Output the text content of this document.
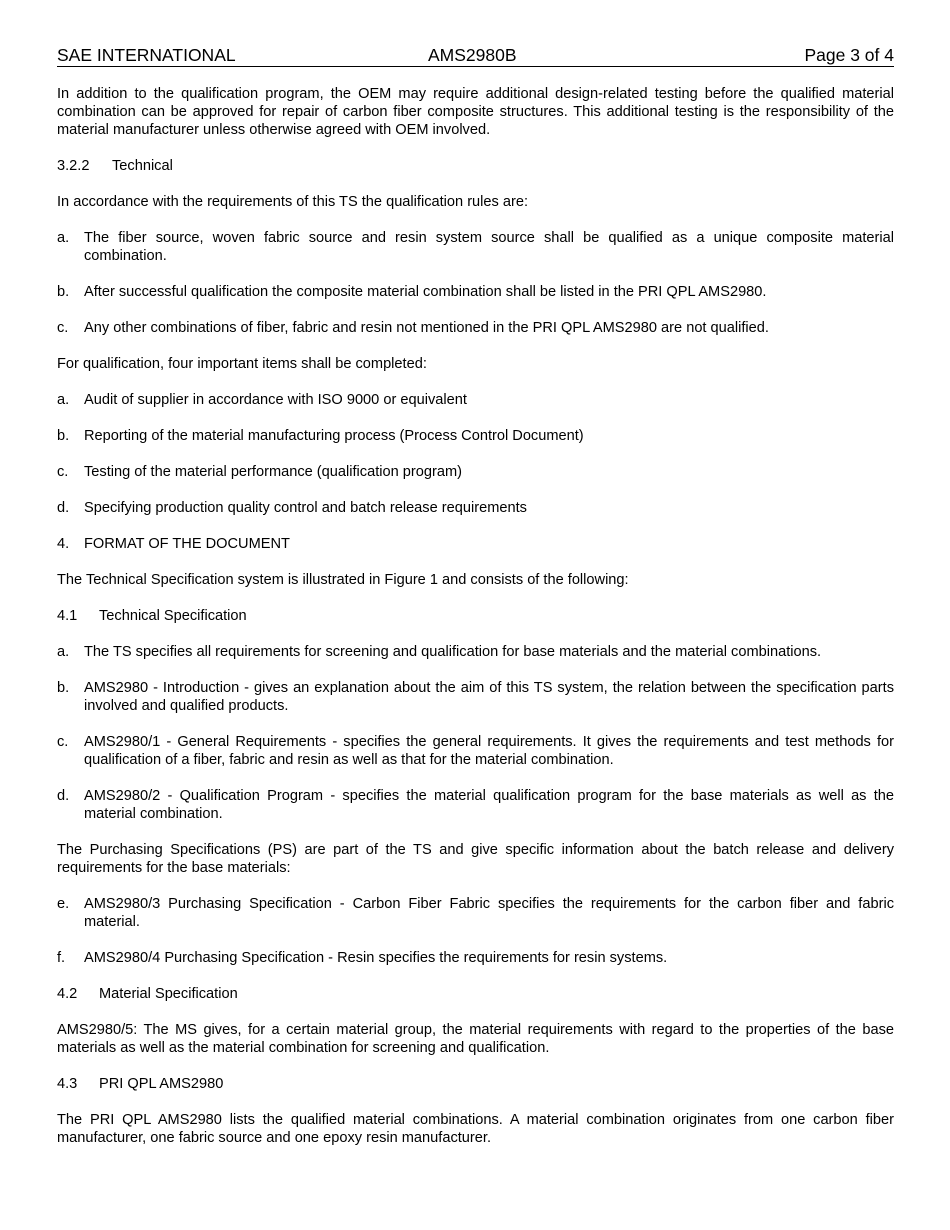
SAE INTERNATIONAL	AMS2980B	Page 3 of 4

In addition to the qualification program, the OEM may require additional design-related testing before the qualified material combination can be approved for repair of carbon fiber composite structures. This additional testing is the responsibility of the material manufacturer unless otherwise agreed with OEM involved.

3.2.2	Technical

In accordance with the requirements of this TS the qualification rules are:

a.	The fiber source, woven fabric source and resin system source shall be qualified as a unique composite material combination.
b.	After successful qualification the composite material combination shall be listed in the PRI QPL AMS2980.
c.	Any other combinations of fiber, fabric and resin not mentioned in the PRI QPL AMS2980 are not qualified.

For qualification, four important items shall be completed:

a.	Audit of supplier in accordance with ISO 9000 or equivalent
b.	Reporting of the material manufacturing process (Process Control Document)
c.	Testing of the material performance (qualification program)
d.	Specifying production quality control and batch release requirements
4.	FORMAT OF THE DOCUMENT

The Technical Specification system is illustrated in Figure 1 and consists of the following:

4.1	Technical Specification
a.	The TS specifies all requirements for screening and qualification for base materials and the material combinations.
b.	AMS2980 - Introduction - gives an explanation about the aim of this TS system, the relation between the specification parts involved and qualified products.
c.	AMS2980/1 - General Requirements - specifies the general requirements. It gives the requirements and test methods for qualification of a fiber, fabric and resin as well as that for the material combination.
d.	AMS2980/2 - Qualification Program - specifies the material qualification program for the base materials as well as the material combination.

The Purchasing Specifications (PS) are part of the TS and give specific information about the batch release and delivery requirements for the base materials:

e.	AMS2980/3 Purchasing Specification - Carbon Fiber Fabric specifies the requirements for the carbon fiber and fabric material.
f.	AMS2980/4 Purchasing Specification - Resin specifies the requirements for resin systems.
4.2	Material Specification

AMS2980/5: The MS gives, for a certain material group, the material requirements with regard to the properties of the base materials as well as the material combination for screening and qualification.

4.3	PRI QPL AMS2980

The PRI QPL AMS2980 lists the qualified material combinations. A material combination originates from one carbon fiber manufacturer, one fabric source and one epoxy resin manufacturer.
